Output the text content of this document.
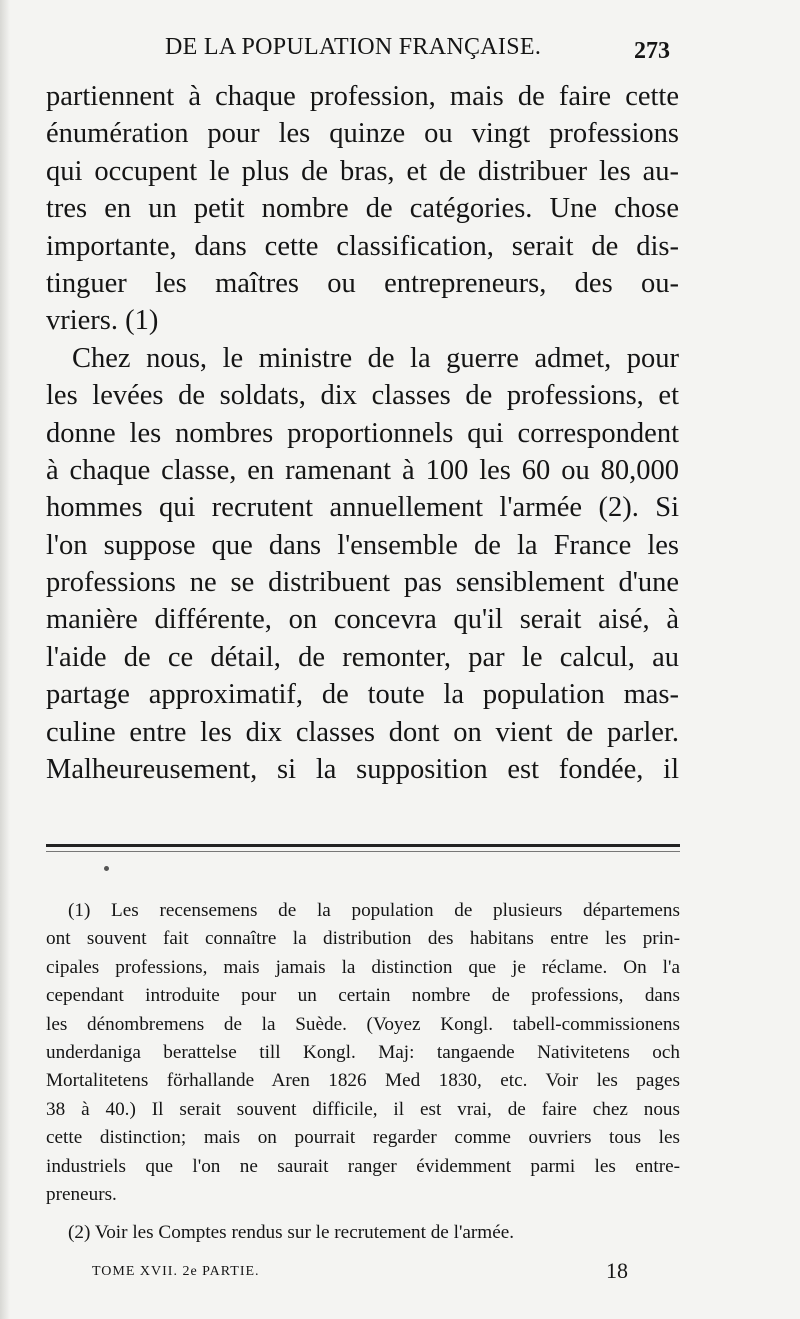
DE LA POPULATION FRANÇAISE.	273
partiennent à chaque profession, mais de faire cette
énumération pour les quinze ou vingt professions
qui occupent le plus de bras, et de distribuer les au-
tres en un petit nombre de catégories. Une chose
importante, dans cette classification, serait de dis-
tinguer les maîtres ou entrepreneurs, des ou-
vriers. (1)
Chez nous, le ministre de la guerre admet, pour
les levées de soldats, dix classes de professions, et
donne les nombres proportionnels qui correspondent
à chaque classe, en ramenant à 100 les 60 ou 80,000
hommes qui recrutent annuellement l'armée (2). Si
l'on suppose que dans l'ensemble de la France les
professions ne se distribuent pas sensiblement d'une
manière différente, on concevra qu'il serait aisé, à
l'aide de ce détail, de remonter, par le calcul, au
partage approximatif, de toute la population mas-
culine entre les dix classes dont on vient de parler.
Malheureusement, si la supposition est fondée, il
(1) Les recensemens de la population de plusieurs départemens
ont souvent fait connaître la distribution des habitans entre les prin-
cipales professions, mais jamais la distinction que je réclame. On l'a
cependant introduite pour un certain nombre de professions, dans
les dénombremens de la Suède. (Voyez Kongl. tabell-commissionens
underdaniga berattelse till Kongl. Maj: tangaende Nativitetens och
Mortalitetens förhallande Aren 1826 Med 1830, etc. Voir les pages
38 à 40.) Il serait souvent difficile, il est vrai, de faire chez nous
cette distinction; mais on pourrait regarder comme ouvriers tous les
industriels que l'on ne saurait ranger évidemment parmi les entre-
preneurs.
(2) Voir les Comptes rendus sur le recrutement de l'armée.
TOME XVII. 2e PARTIE.	18
